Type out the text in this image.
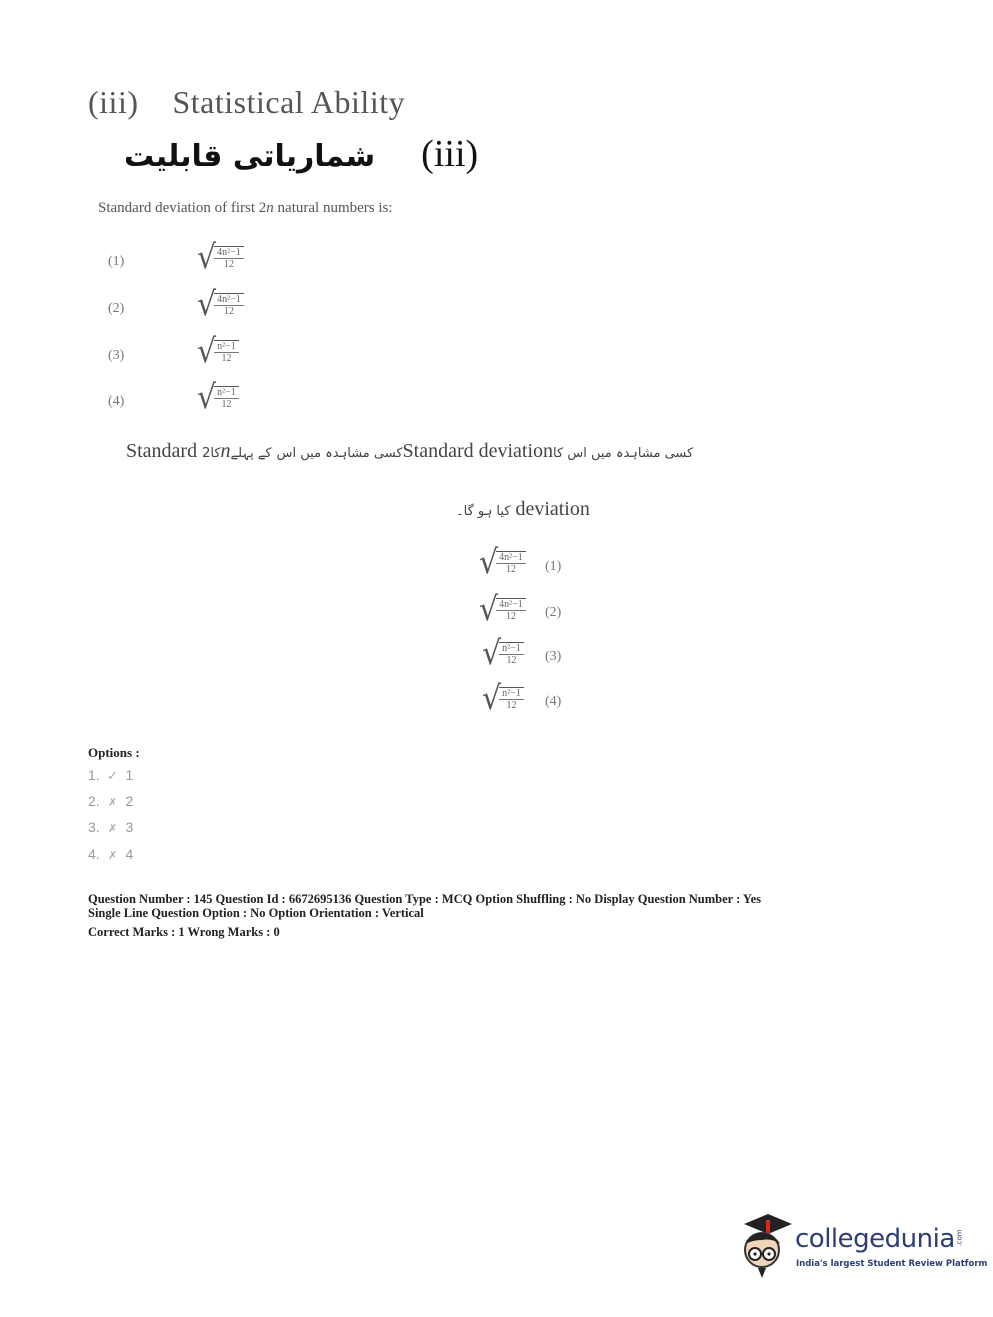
(iii) Statistical Ability
شماریاتی قابلیت (iii)
Standard deviation of first 2n natural numbers is:
(1) √
$\frac{\text{4n²−1}}{12}$
(2) √
$\frac{\text{4n²−1}}{12}$
(3) √
$\frac{\text{n²−1}}{12}$
(4) √
$\frac{\text{n²−1}}{12}$
Standard کا2nکے پہلے کسی مشاہدہ میں اسStandard deviationکسی مشاہدہ میں اس کا
کیا ہو گا۔ deviation
√
$\frac{\text{4n²−1}}{12} (1)$
√
$\frac{\text{4n²−1}}{12} (2)$
√
$\frac{\text{n²−1}}{12} (3)$
√
$\frac{\text{n²−1}}{12} (4)$
Options :
1. ✓ 1
2. ✗ 2
3. ✗ 3
4. ✗ 4
Question Number : 145 Question Id : 6672695136 Question Type : MCQ Option Shuffling : No Display Question Number : Yes
Single Line Question Option : No Option Orientation : Vertical
Correct Marks : 1 Wrong Marks : 0
collegedunia .com
India's largest Student Review Platform
